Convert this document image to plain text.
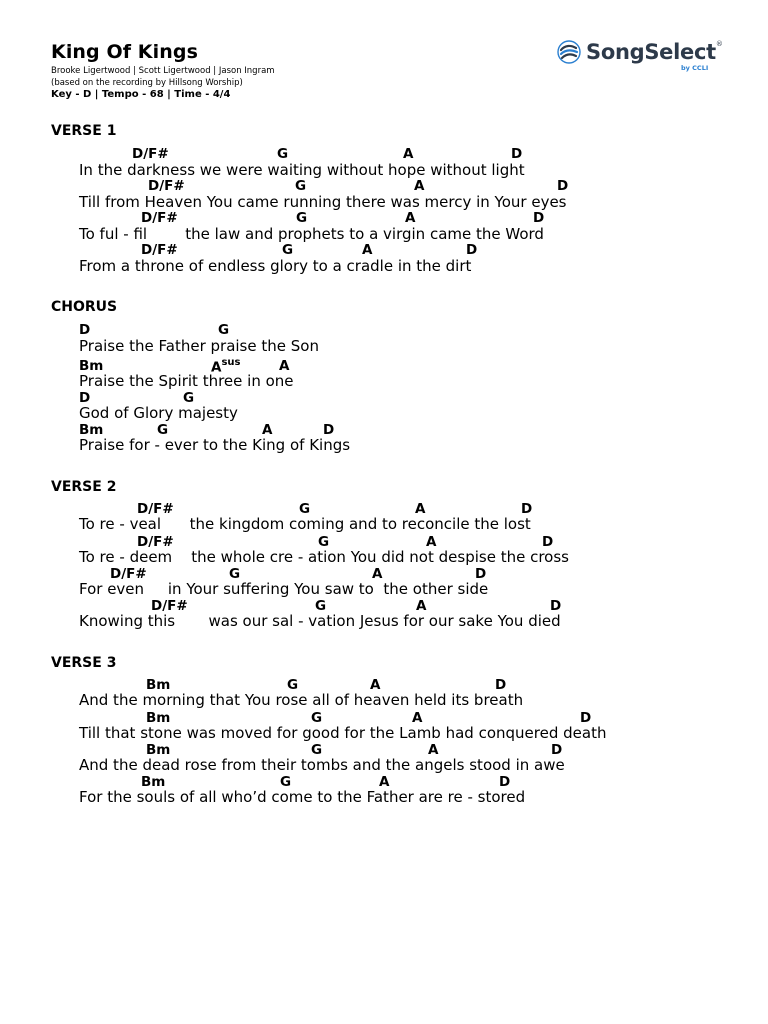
King Of Kings
Brooke Ligertwood | Scott Ligertwood | Jason Ingram
(based on the recording by Hillsong Worship)
Key - D | Tempo - 68 | Time - 4/4
SongSelect®
by CCLI
VERSE 1
D/F#	G	A	D
In the darkness we were waiting without hope without light
D/F#	G	A	D
Till from Heaven You came running there was mercy in Your eyes
D/F#	G	A	D
To ful - fil        the law and prophets to a virgin came the Word
D/F#	G	A	D
From a throne of endless glory to a cradle in the dirt
CHORUS
D	G
Praise the Father praise the Son
Bm	$A^{sus}$	A
Praise the Spirit three in one
D	G
God of Glory majesty
Bm	G	A	D
Praise for - ever to the King of Kings
VERSE 2
D/F#	G	A	D
To re - veal      the kingdom coming and to reconcile the lost
D/F#	G	A	D
To re - deem    the whole cre - ation You did not despise the cross
D/F#	G	A	D
For even     in Your suffering You saw to  the other side
D/F#	G	A	D
Knowing this       was our sal - vation Jesus for our sake You died
VERSE 3
Bm	G	A	D
And the morning that You rose all of heaven held its breath
Bm	G	A	D
Till that stone was moved for good for the Lamb had conquered death
Bm	G	A	D
And the dead rose from their tombs and the angels stood in awe
Bm	G	A	D
For the souls of all who’d come to the Father are re - stored
